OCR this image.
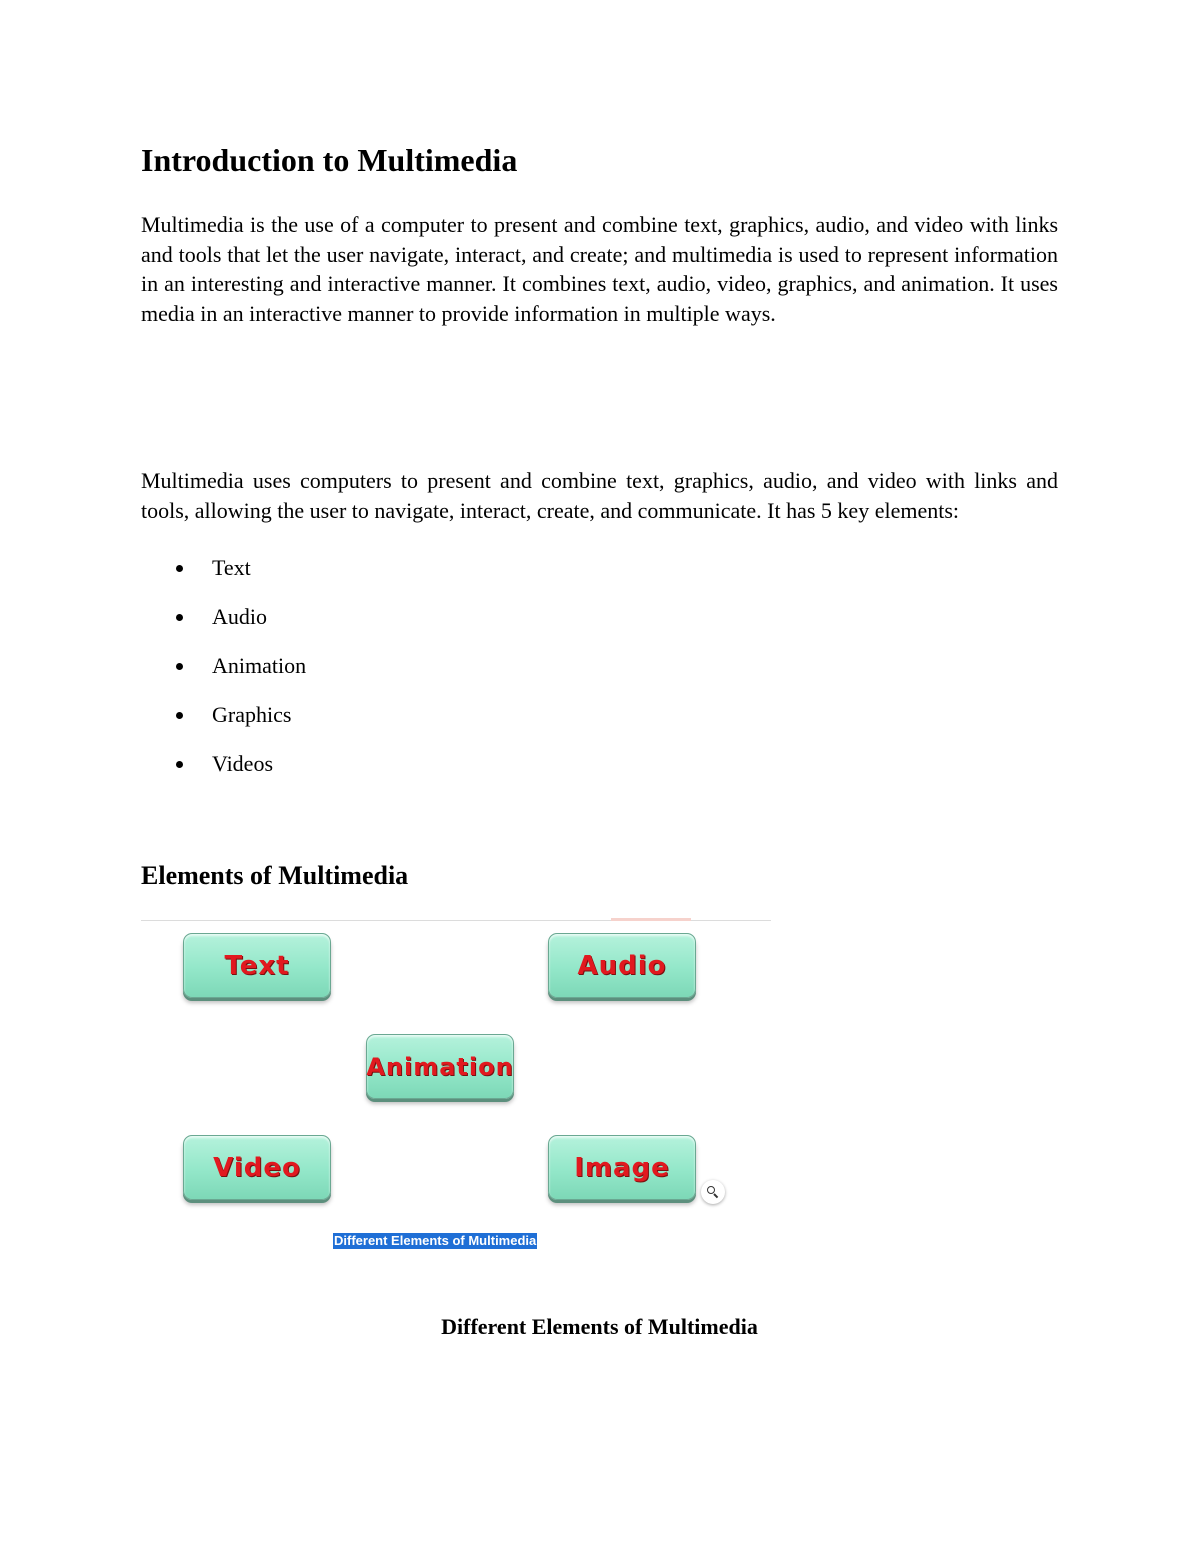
Introduction to Multimedia

Multimedia is the use of a computer to present and combine text, graphics, audio, and video with links and tools that let the user navigate, interact, and create; and multimedia is used to represent information in an interesting and interactive manner. It combines text, audio, video, graphics, and animation. It uses media in an interactive manner to provide information in multiple ways.

Multimedia uses computers to present and combine text, graphics, audio, and video with links and tools, allowing the user to navigate, interact, create, and communicate. It has 5 key elements:

Text
Audio
Animation
Graphics
Videos
Elements of Multimedia
Text	Audio
Animation
Video	Image
Different Elements of Multimedia

Different Elements of Multimedia
